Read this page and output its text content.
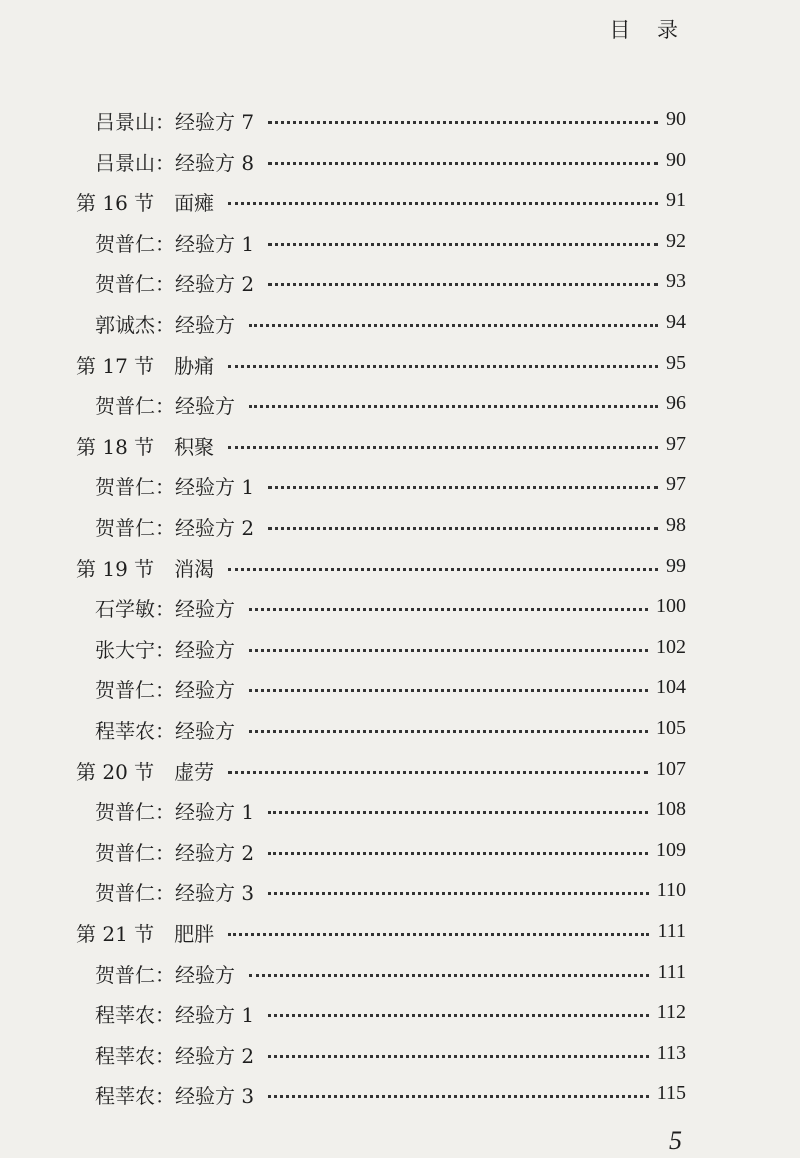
目 录
吕景山：经验方 7	90
吕景山：经验方 8	90
第 16 节　面瘫	91
贺普仁：经验方 1	92
贺普仁：经验方 2	93
郭诚杰：经验方	94
第 17 节　胁痛	95
贺普仁：经验方	96
第 18 节　积聚	97
贺普仁：经验方 1	97
贺普仁：经验方 2	98
第 19 节　消渴	99
石学敏：经验方	100
张大宁：经验方	102
贺普仁：经验方	104
程莘农：经验方	105
第 20 节　虚劳	107
贺普仁：经验方 1	108
贺普仁：经验方 2	109
贺普仁：经验方 3	110
第 21 节　肥胖	111
贺普仁：经验方	111
程莘农：经验方 1	112
程莘农：经验方 2	113
程莘农：经验方 3	115
5
